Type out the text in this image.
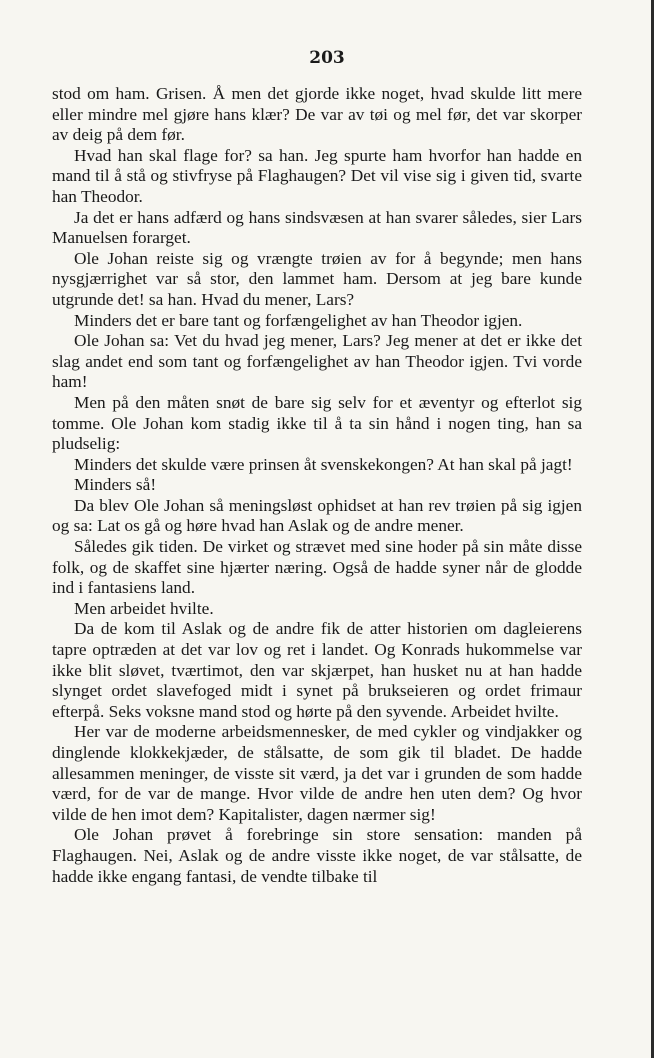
203

stod om ham. Grisen. Å men det gjorde ikke noget, hvad skulde litt mere eller mindre mel gjøre hans klær? De var av tøi og mel før, det var skorper av deig på dem før.

Hvad han skal flage for? sa han. Jeg spurte ham hvorfor han hadde en mand til å stå og stivfryse på Flaghaugen? Det vil vise sig i given tid, svarte han Theodor.

Ja det er hans adfærd og hans sindsvæsen at han svarer således, sier Lars Manuelsen forarget.

Ole Johan reiste sig og vrængte trøien av for å begynde; men hans nysgjærrighet var så stor, den lammet ham. Dersom at jeg bare kunde utgrunde det! sa han. Hvad du mener, Lars?

Minders det er bare tant og forfængelighet av han Theodor igjen.

Ole Johan sa: Vet du hvad jeg mener, Lars? Jeg mener at det er ikke det slag andet end som tant og forfængelighet av han Theodor igjen. Tvi vorde ham!

Men på den måten snøt de bare sig selv for et æventyr og efterlot sig tomme. Ole Johan kom stadig ikke til å ta sin hånd i nogen ting, han sa pludselig:

Minders det skulde være prinsen åt svenskekongen? At han skal på jagt!

Minders så!

Da blev Ole Johan så meningsløst ophidset at han rev trøien på sig igjen og sa: Lat os gå og høre hvad han Aslak og de andre mener.

Således gik tiden. De virket og strævet med sine hoder på sin måte disse folk, og de skaffet sine hjærter næring. Også de hadde syner når de glodde ind i fantasiens land.

Men arbeidet hvilte.

Da de kom til Aslak og de andre fik de atter historien om dagleierens tapre optræden at det var lov og ret i landet. Og Konrads hukommelse var ikke blit sløvet, tværtimot, den var skjærpet, han husket nu at han hadde slynget ordet slavefoged midt i synet på brukseieren og ordet frimaur efterpå. Seks voksne mand stod og hørte på den syvende. Arbeidet hvilte.

Her var de moderne arbeidsmennesker, de med cykler og vindjakker og dinglende klokkekjæder, de stålsatte, de som gik til bladet. De hadde allesammen meninger, de visste sit værd, ja det var i grunden de som hadde værd, for de var de mange. Hvor vilde de andre hen uten dem? Og hvor vilde de hen imot dem? Kapitalister, dagen nærmer sig!

Ole Johan prøvet å forebringe sin store sensation: manden på Flaghaugen. Nei, Aslak og de andre visste ikke noget, de var stålsatte, de hadde ikke engang fantasi, de vendte tilbake til
